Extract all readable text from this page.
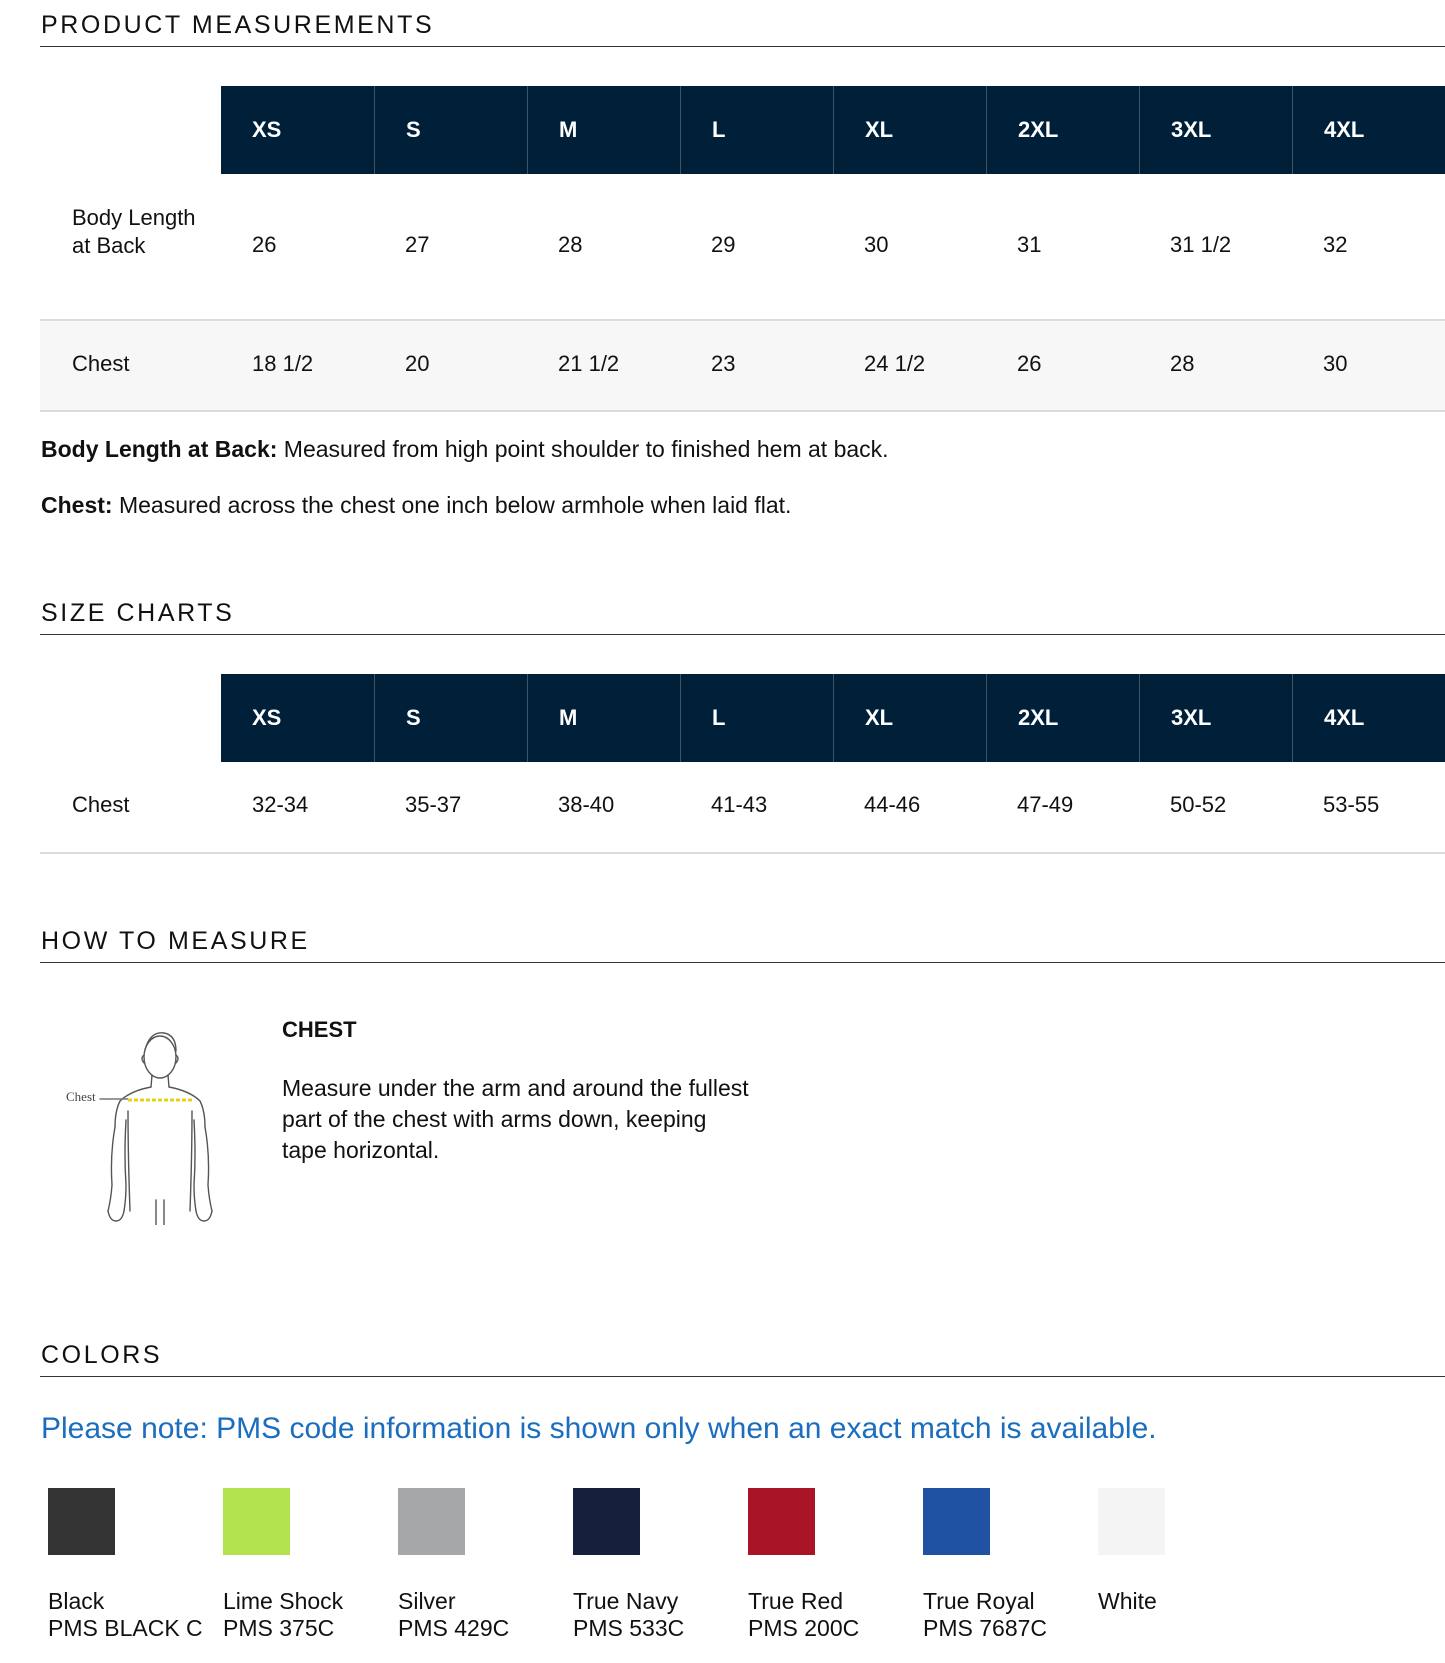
PRODUCT MEASUREMENTS
XS	S	M	L	XL	2XL	3XL	4XL
Body Length at Back	26	27	28	29	30	31	31 1/2	32
Chest	18 1/2	20	21 1/2	23	24 1/2	26	28	30

Body Length at Back: Measured from high point shoulder to finished hem at back.

Chest: Measured across the chest one inch below armhole when laid flat.

SIZE CHARTS
XS	S	M	L	XL	2XL	3XL	4XL
Chest	32-34	35-37	38-40	41-43	44-46	47-49	50-52	53-55
HOW TO MEASURE
Chest
CHEST

Measure under the arm and around the fullest part of the chest with arms down, keeping tape horizontal.

COLORS

Please note: PMS code information is shown only when an exact match is available.

Black
PMS BLACK C
Lime Shock
PMS 375C
Silver
PMS 429C
True Navy
PMS 533C
True Red
PMS 200C
True Royal
PMS 7687C
White
